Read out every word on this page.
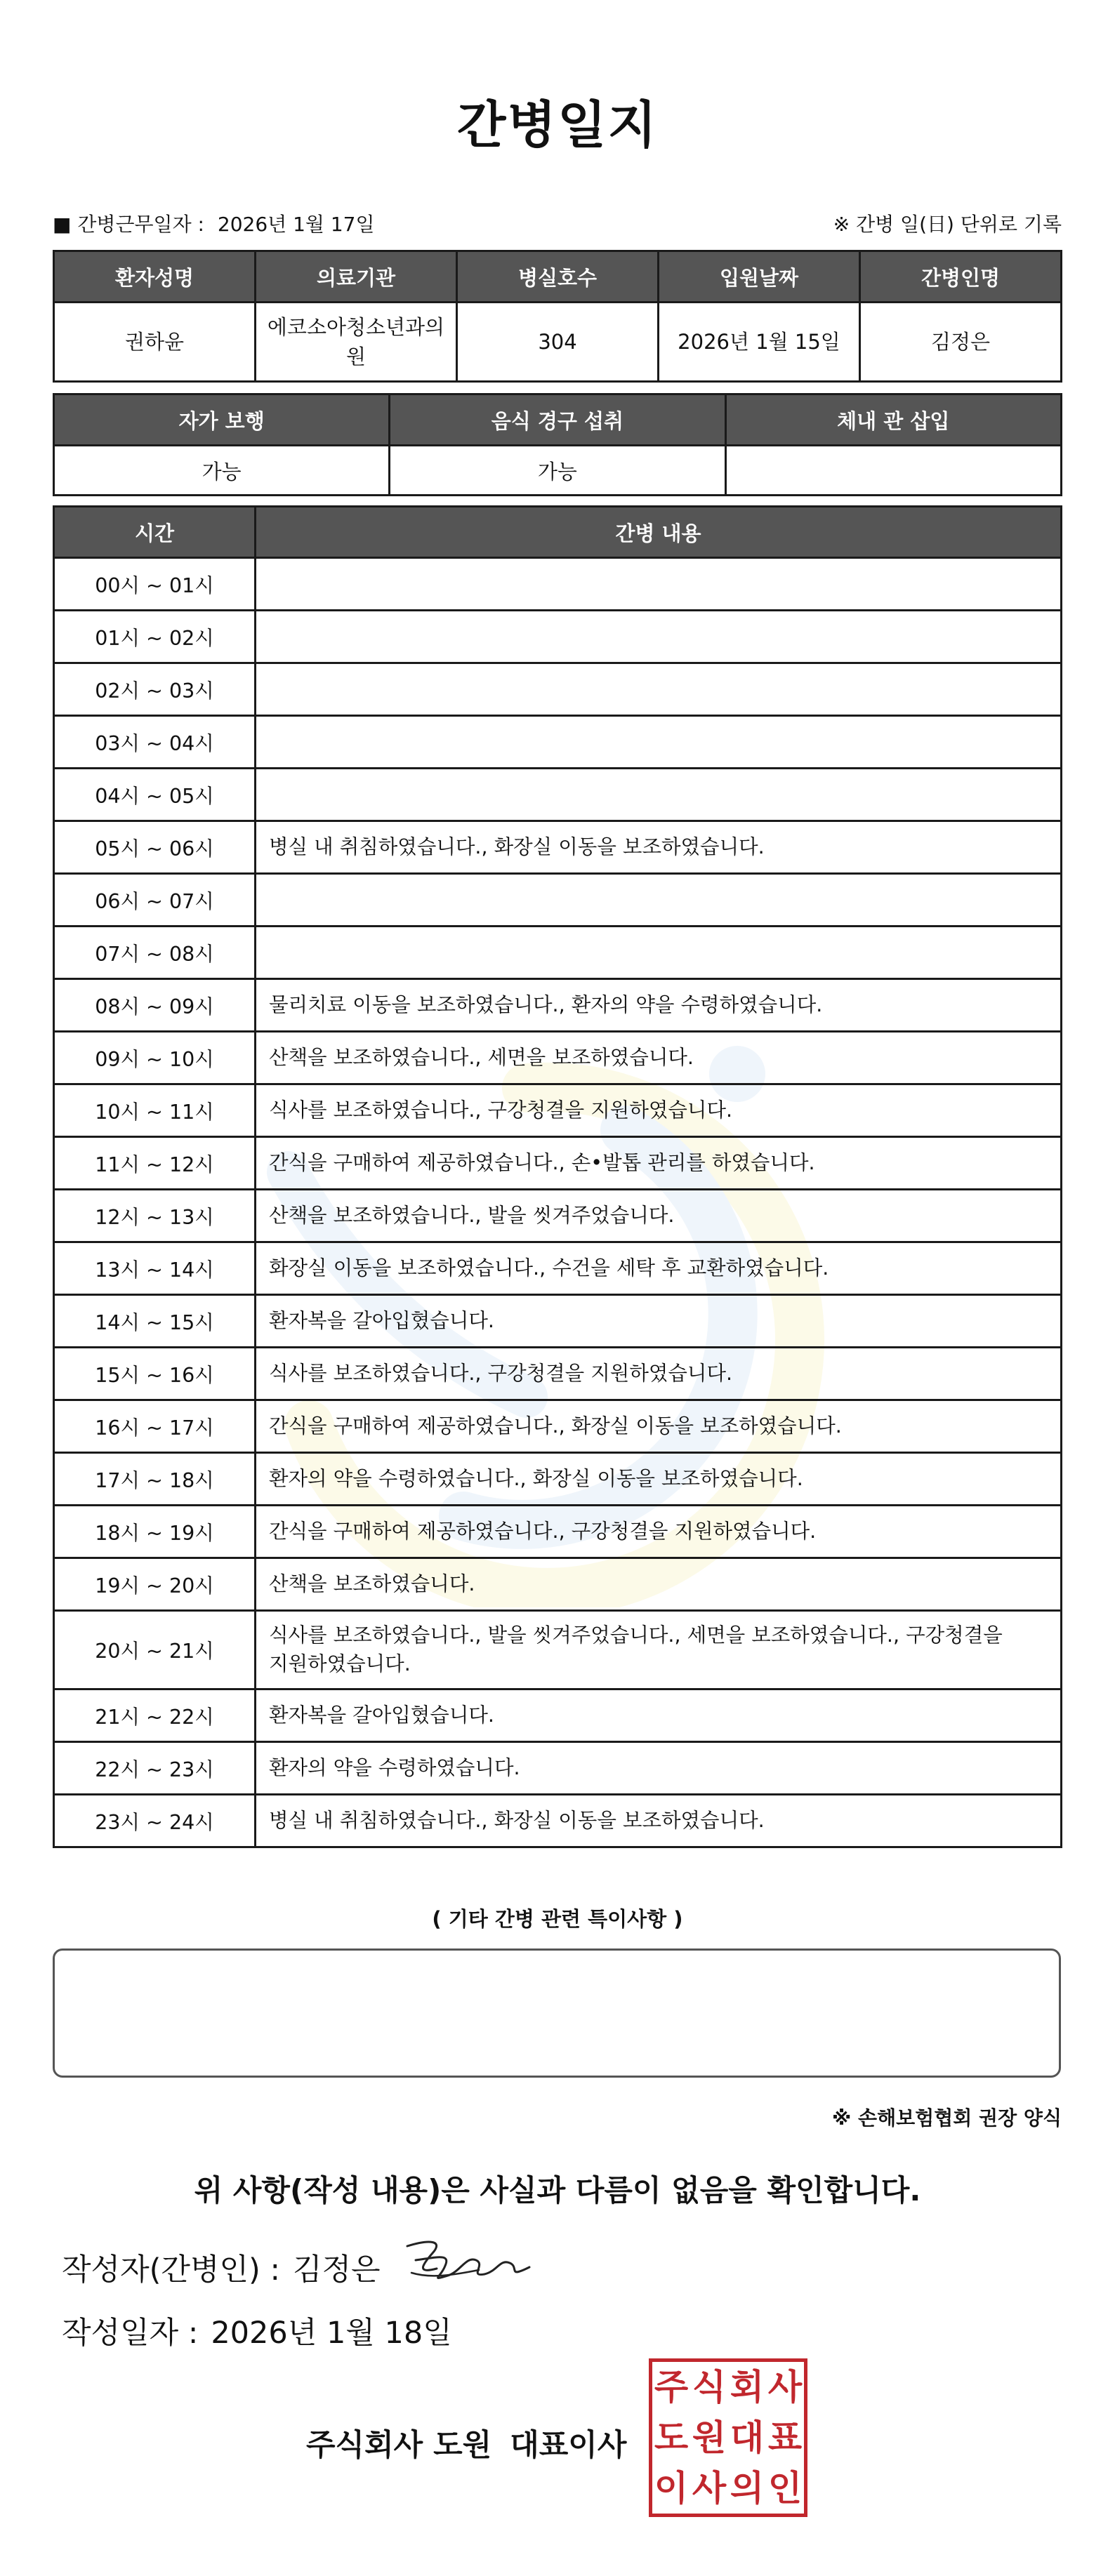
간병일지
■ 간병근무일자 : 2026년 1월 17일	※ 간병 일(日) 단위로 기록
환자성명	의료기관	병실호수	입원날짜	간병인명
권하윤	에코소아청소년과의원	304	2026년 1월 15일	김정은
자가 보행	음식 경구 섭취	체내 관 삽입
가능	가능	
시간	간병 내용
00시 ~ 01시	
01시 ~ 02시	
02시 ~ 03시	
03시 ~ 04시	
04시 ~ 05시	
05시 ~ 06시	병실 내 취침하였습니다., 화장실 이동을 보조하였습니다.
06시 ~ 07시	
07시 ~ 08시	
08시 ~ 09시	물리치료 이동을 보조하였습니다., 환자의 약을 수령하였습니다.
09시 ~ 10시	산책을 보조하였습니다., 세면을 보조하였습니다.
10시 ~ 11시	식사를 보조하였습니다., 구강청결을 지원하였습니다.
11시 ~ 12시	간식을 구매하여 제공하였습니다., 손•발톱 관리를 하였습니다.
12시 ~ 13시	산책을 보조하였습니다., 발을 씻겨주었습니다.
13시 ~ 14시	화장실 이동을 보조하였습니다., 수건을 세탁 후 교환하였습니다.
14시 ~ 15시	환자복을 갈아입혔습니다.
15시 ~ 16시	식사를 보조하였습니다., 구강청결을 지원하였습니다.
16시 ~ 17시	간식을 구매하여 제공하였습니다., 화장실 이동을 보조하였습니다.
17시 ~ 18시	환자의 약을 수령하였습니다., 화장실 이동을 보조하였습니다.
18시 ~ 19시	간식을 구매하여 제공하였습니다., 구강청결을 지원하였습니다.
19시 ~ 20시	산책을 보조하였습니다.
20시 ~ 21시	식사를 보조하였습니다., 발을 씻겨주었습니다., 세면을 보조하였습니다., 구강청결을 지원하였습니다.
21시 ~ 22시	환자복을 갈아입혔습니다.
22시 ~ 23시	환자의 약을 수령하였습니다.
23시 ~ 24시	병실 내 취침하였습니다., 화장실 이동을 보조하였습니다.
( 기타 간병 관련 특이사항 )
※ 손해보험협회 권장 양식
위 사항(작성 내용)은 사실과 다름이 없음을 확인합니다.
작성자(간병인) : 김정은
작성일자 : 2026년 1월 18일
주식회사 도원 대표이사
주 식 회 사
도 원 대 표
이 사 의 인
